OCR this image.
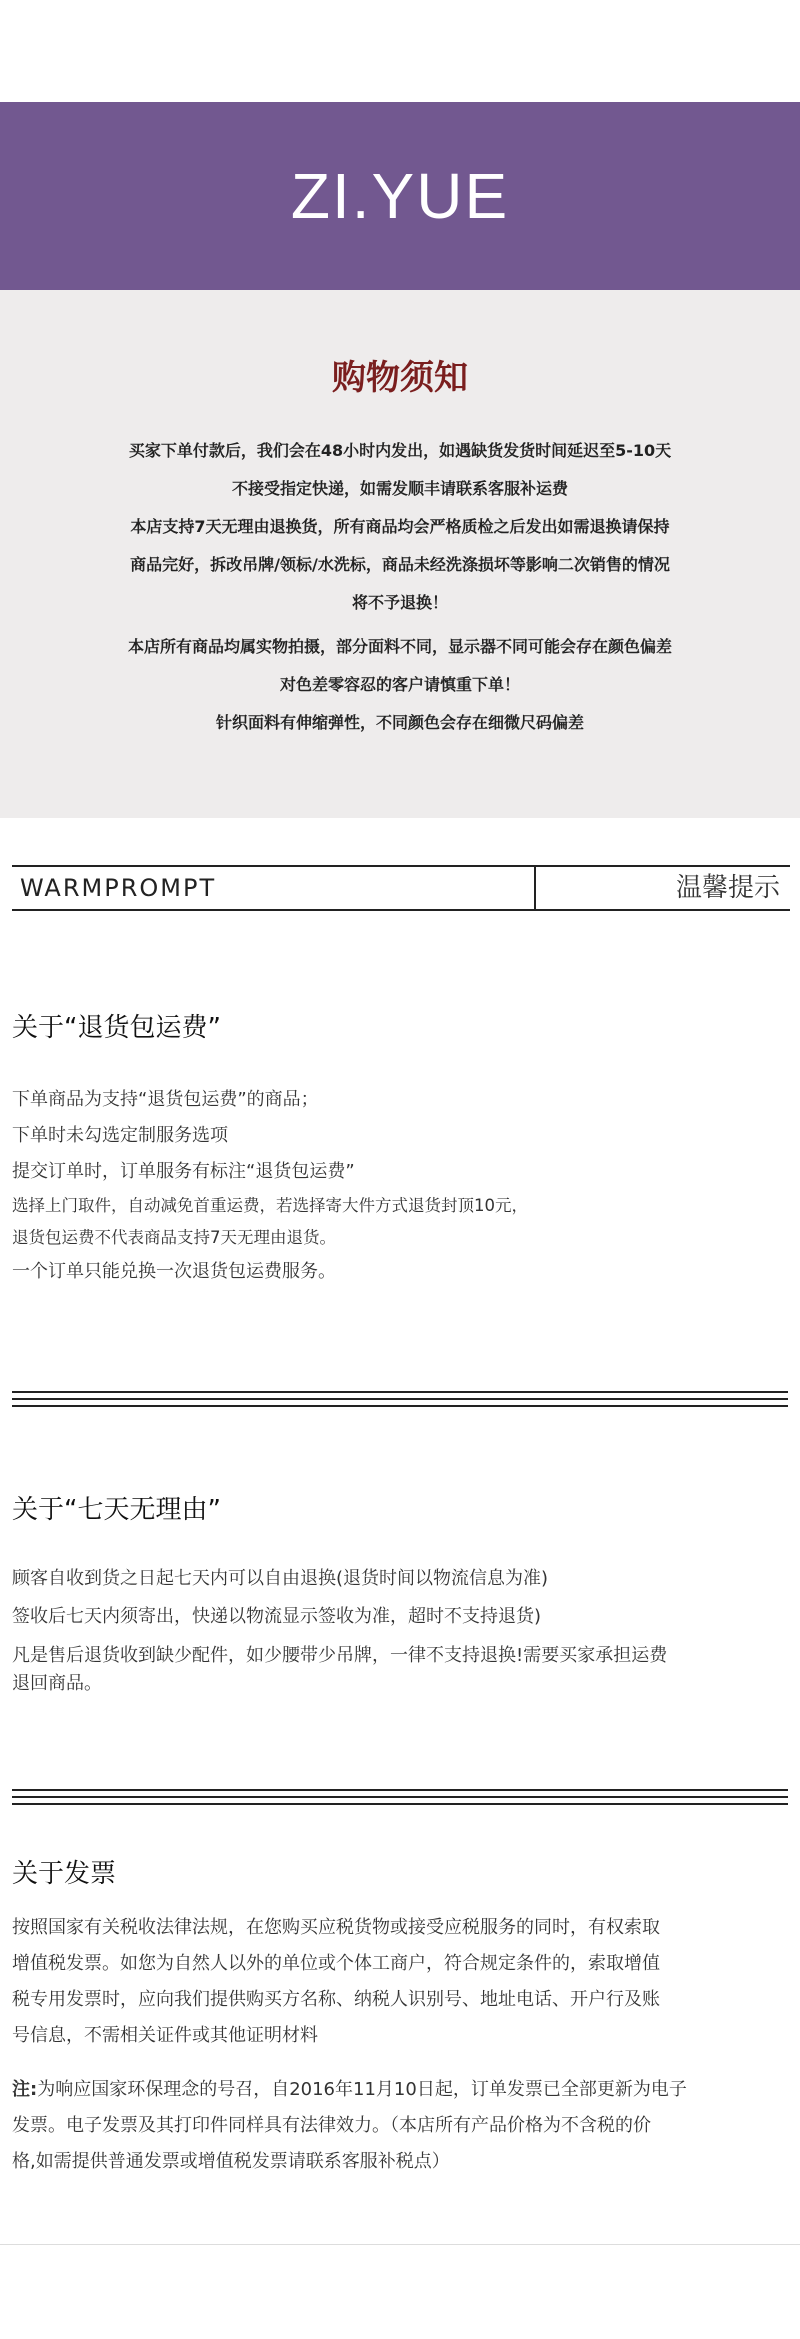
ZI.YUE
购物须知

买家下单付款后，我们会在48小时内发出，如遇缺货发货时间延迟至5-10天

不接受指定快递，如需发顺丰请联系客服补运费

本店支持7天无理由退换货，所有商品均会严格质检之后发出如需退换请保持

商品完好，拆改吊牌/领标/水洗标，商品未经洗涤损坏等影响二次销售的情况

将不予退换！

本店所有商品均属实物拍摄，部分面料不同，显示器不同可能会存在颜色偏差

对色差零容忍的客户请慎重下单！

针织面料有伸缩弹性，不同颜色会存在细微尺码偏差

WARMPROMPT	温馨提示
关于“退货包运费”

下单商品为支持“退货包运费”的商品；

下单时未勾选定制服务选项

提交订单时，订单服务有标注“退货包运费”

选择上门取件，自动减免首重运费，若选择寄大件方式退货封顶10元，

退货包运费不代表商品支持7天无理由退货。

一个订单只能兑换一次退货包运费服务。

关于“七天无理由”

顾客自收到货之日起七天内可以自由退换(退货时间以物流信息为准)

签收后七天内须寄出，快递以物流显示签收为准，超时不支持退货)

凡是售后退货收到缺少配件，如少腰带少吊牌，一律不支持退换!需要买家承担运费

退回商品。

关于发票

按照国家有关税收法律法规，在您购买应税货物或接受应税服务的同时，有权索取

增值税发票。如您为自然人以外的单位或个体工商户，符合规定条件的，索取增值

税专用发票时，应向我们提供购买方名称、纳税人识别号、地址电话、开户行及账

号信息，不需相关证件或其他证明材料

注:为响应国家环保理念的号召，自2016年11月10日起，订单发票已全部更新为电子

发票。电子发票及其打印件同样具有法律效力。（本店所有产品价格为不含税的价

格,如需提供普通发票或增值税发票请联系客服补税点）
